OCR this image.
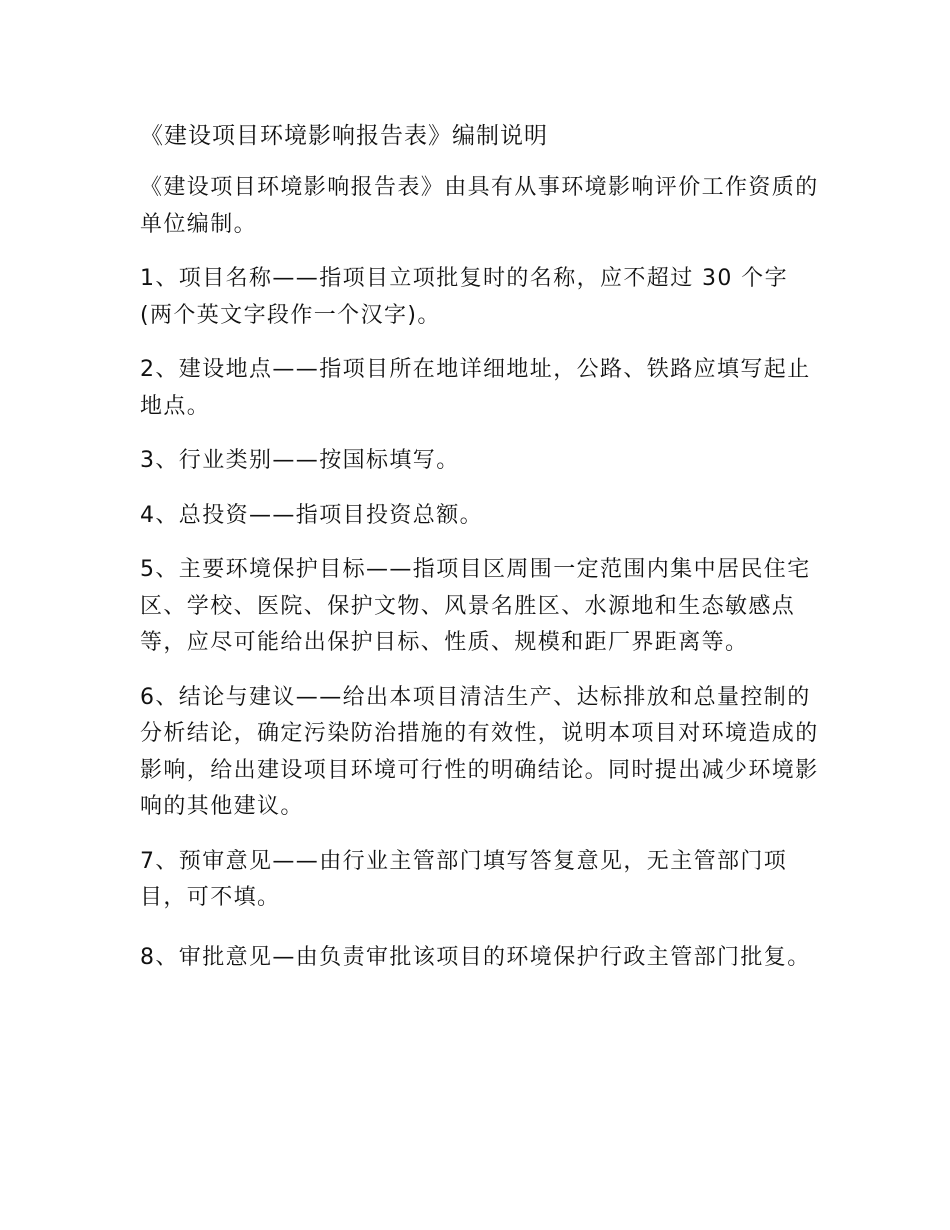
《建设项目环境影响报告表》编制说明

《建设项目环境影响报告表》由具有从事环境影响评价工作资质的单位编制。

1、项目名称——指项目立项批复时的名称，应不超过 30 个字(两个英文字段作一个汉字)。

2、建设地点——指项目所在地详细地址，公路、铁路应填写起止地点。

3、行业类别——按国标填写。

4、总投资——指项目投资总额。

5、主要环境保护目标——指项目区周围一定范围内集中居民住宅区、学校、医院、保护文物、风景名胜区、水源地和生态敏感点等，应尽可能给出保护目标、性质、规模和距厂界距离等。

6、结论与建议——给出本项目清洁生产、达标排放和总量控制的分析结论，确定污染防治措施的有效性，说明本项目对环境造成的影响，给出建设项目环境可行性的明确结论。同时提出减少环境影响的其他建议。

7、预审意见——由行业主管部门填写答复意见，无主管部门项目，可不填。

8、审批意见—由负责审批该项目的环境保护行政主管部门批复。
